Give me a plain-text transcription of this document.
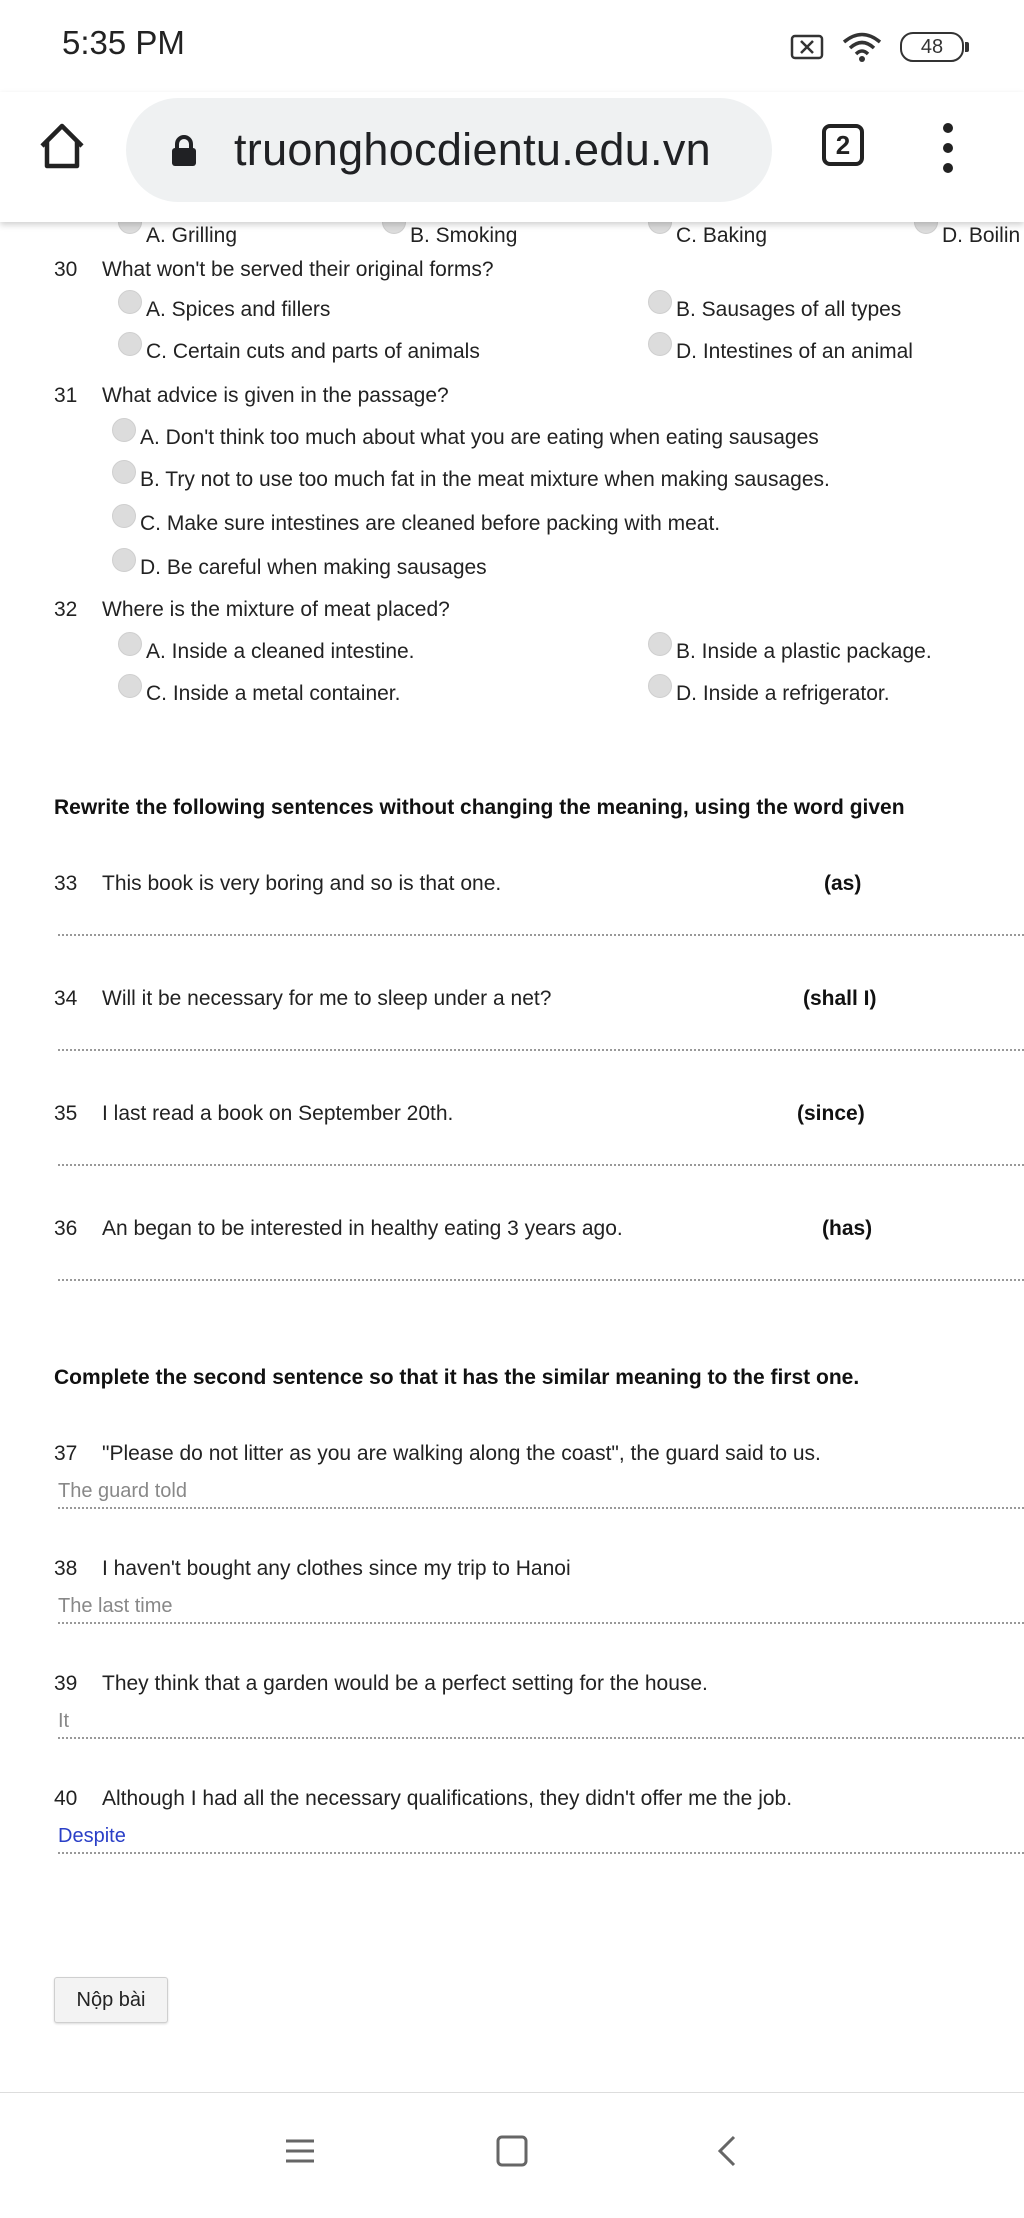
5:35 PM	48
truonghocdientu.edu.vn	2
A. Grilling	B. Smoking	C. Baking	D. Boilin
30 What won't be served their original forms?
A. Spices and fillers	B. Sausages of all types
C. Certain cuts and parts of animals	D. Intestines of an animal
31 What advice is given in the passage?
A. Don't think too much about what you are eating when eating sausages
B. Try not to use too much fat in the meat mixture when making sausages.
C. Make sure intestines are cleaned before packing with meat.
D. Be careful when making sausages
32 Where is the mixture of meat placed?
A. Inside a cleaned intestine.	B. Inside a plastic package.
C. Inside a metal container.	D. Inside a refrigerator.
Rewrite the following sentences without changing the meaning, using the word given
33 This book is very boring and so is that one.	(as)
34 Will it be necessary for me to sleep under a net?	(shall I)
35 I last read a book on September 20th.	(since)
36 An began to be interested in healthy eating 3 years ago.	(has)
Complete the second sentence so that it has the similar meaning to the first one.
37 "Please do not litter as you are walking along the coast", the guard said to us.
The guard told
38 I haven't bought any clothes since my trip to Hanoi
The last time
39 They think that a garden would be a perfect setting for the house.
It
40 Although I had all the necessary qualifications, they didn't offer me the job.
Despite
Nộp bài
